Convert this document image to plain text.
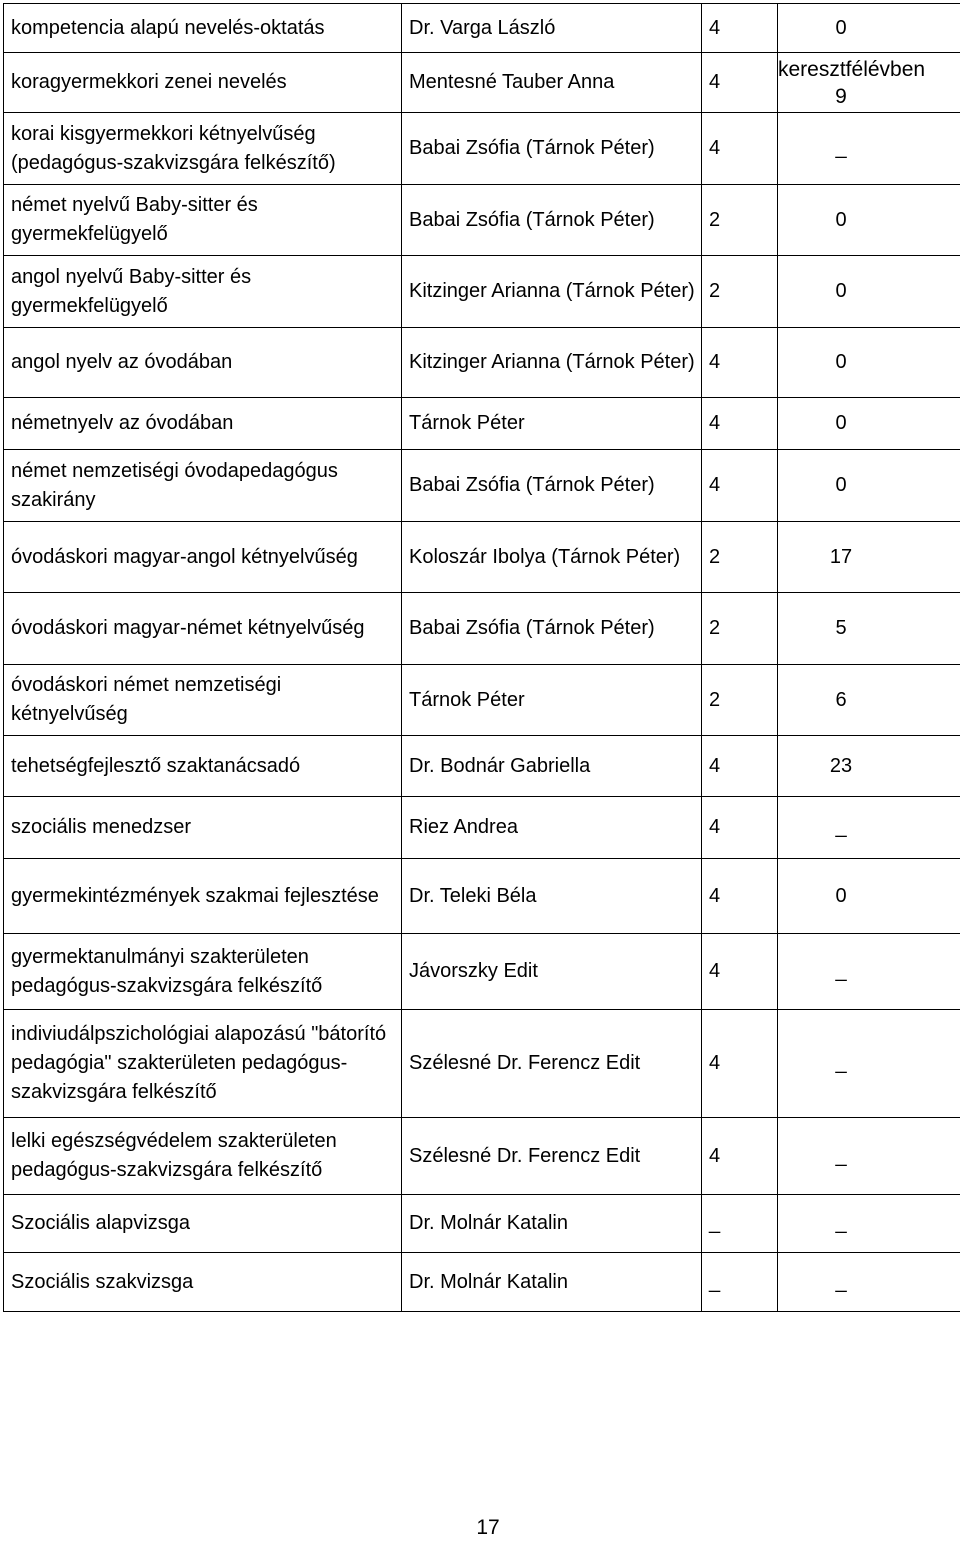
kompetencia alapú nevelés-oktatás	Dr. Varga László	4	0

koragyermekkori zenei nevelés	Mentesné Tauber Anna	4	keresztfélévben 9

korai kisgyermekkori kétnyelvűség (pedagógus-szakvizsgára felkészítő)	Babai Zsófia (Tárnok Péter)	4	_

német nyelvű Baby-sitter és gyermekfelügyelő	Babai Zsófia (Tárnok Péter)	2	0

angol nyelvű Baby-sitter és gyermekfelügyelő	Kitzinger Arianna (Tárnok Péter)	2	0

angol nyelv az óvodában	Kitzinger Arianna (Tárnok Péter)	4	0

németnyelv az óvodában	Tárnok Péter	4	0

német nemzetiségi óvodapedagógus szakirány	Babai Zsófia (Tárnok Péter)	4	0

óvodáskori magyar-angol kétnyelvűség	Koloszár Ibolya (Tárnok Péter)	2	17

óvodáskori magyar-német kétnyelvűség	Babai Zsófia (Tárnok Péter)	2	5

óvodáskori német nemzetiségi kétnyelvűség	Tárnok Péter	2	6

tehetségfejlesztő szaktanácsadó	Dr. Bodnár Gabriella	4	23

szociális menedzser	Riez Andrea	4	_

gyermekintézmények szakmai fejlesztése	Dr. Teleki Béla	4	0

gyermektanulmányi szakterületen pedagógus-szakvizsgára felkészítő	Jávorszky Edit	4	_

indiviudálpszichológiai alapozású "bátorító pedagógia" szakterületen pedagógus-szakvizsgára felkészítő	Szélesné Dr. Ferencz Edit	4	_

lelki egészségvédelem szakterületen pedagógus-szakvizsgára felkészítő	Szélesné Dr. Ferencz Edit	4	_

Szociális alapvizsga	Dr. Molnár Katalin	_	_

Szociális szakvizsga	Dr. Molnár Katalin	_	_
17
